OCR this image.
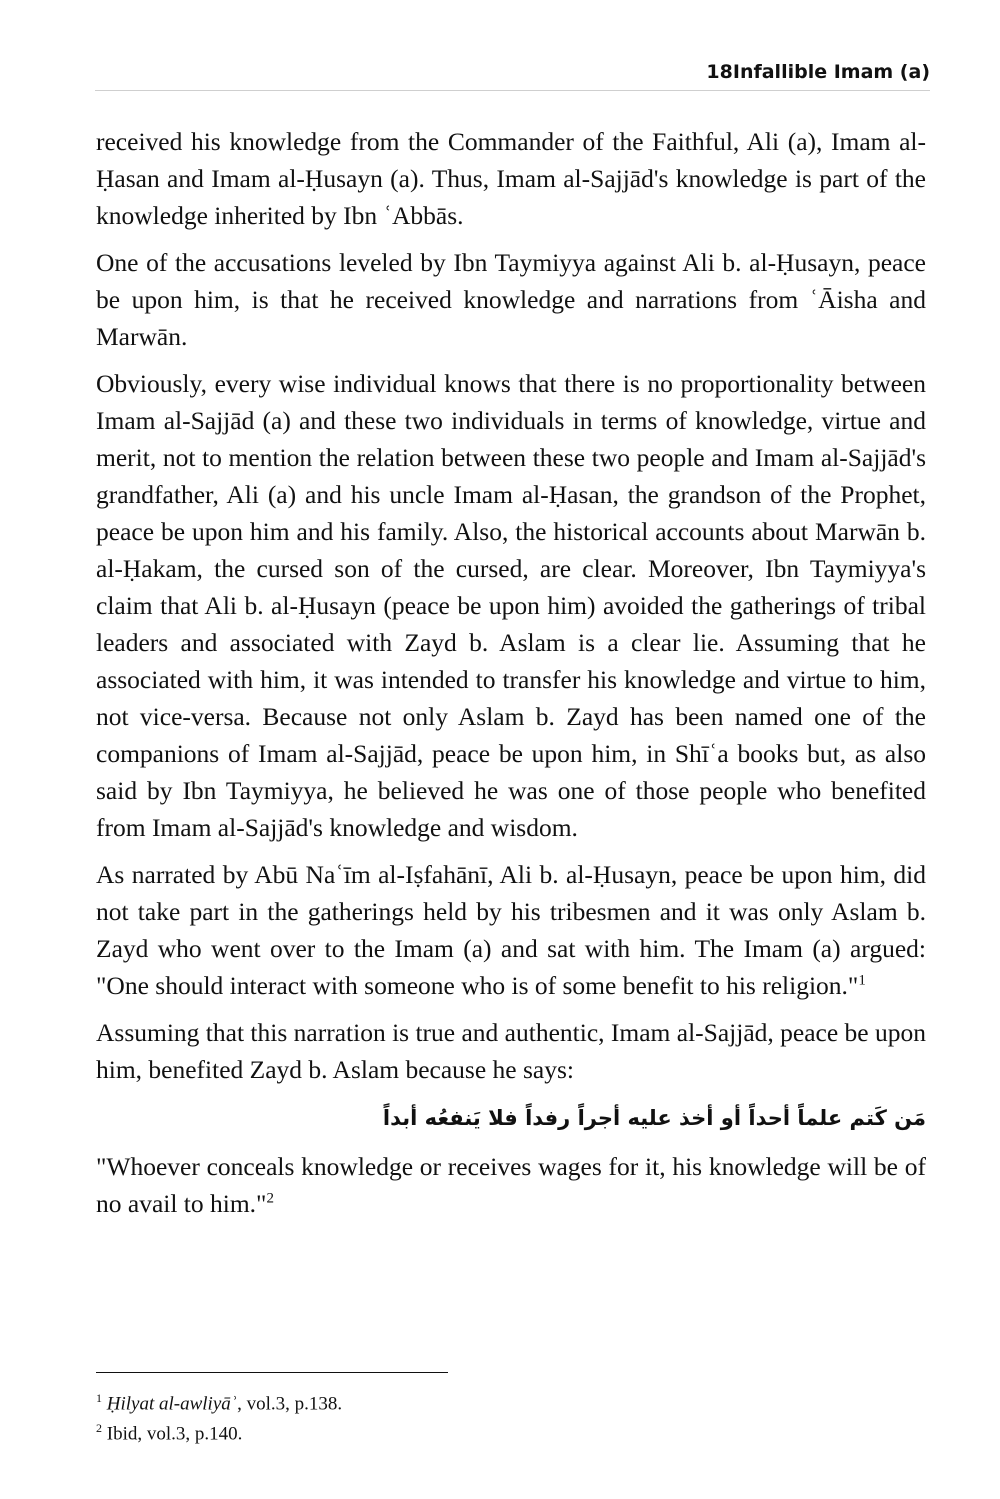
18Infallible Imam (a)

received his knowledge from the Commander of the Faithful, Ali (a), Imam al-Ḥasan and Imam al-Ḥusayn (a). Thus, Imam al-Sajjād's knowledge is part of the knowledge inherited by Ibn ʿAbbās.

One of the accusations leveled by Ibn Taymiyya against Ali b. al-Ḥusayn, peace be upon him, is that he received knowledge and narrations from ʿĀisha and Marwān.

Obviously, every wise individual knows that there is no proportionality between Imam al-Sajjād (a) and these two individuals in terms of knowledge, virtue and merit, not to mention the relation between these two people and Imam al-Sajjād's grandfather, Ali (a) and his uncle Imam al-Ḥasan, the grandson of the Prophet, peace be upon him and his family. Also, the historical accounts about Marwān b. al-Ḥakam, the cursed son of the cursed, are clear. Moreover, Ibn Taymiyya's claim that Ali b. al-Ḥusayn (peace be upon him) avoided the gatherings of tribal leaders and associated with Zayd b. Aslam is a clear lie. Assuming that he associated with him, it was intended to transfer his knowledge and virtue to him, not vice-versa. Because not only Aslam b. Zayd has been named one of the companions of Imam al-Sajjād, peace be upon him, in Shīʿa books but, as also said by Ibn Taymiyya, he believed he was one of those people who benefited from Imam al-Sajjād's knowledge and wisdom.

As narrated by Abū Naʿīm al-Iṣfahānī, Ali b. al-Ḥusayn, peace be upon him, did not take part in the gatherings held by his tribesmen and it was only Aslam b. Zayd who went over to the Imam (a) and sat with him. The Imam (a) argued: "One should interact with someone who is of some benefit to his religion."$^1$

Assuming that this narration is true and authentic, Imam al-Sajjād, peace be upon him, benefited Zayd b. Aslam because he says:

مَن كَتم علماً أحداً أو أخذ عليه أجراً رفداً فلا يَنفعُه أبداً

"Whoever conceals knowledge or receives wages for it, his knowledge will be of no avail to him."$^2$

$^1$ Ḥilyat al-awliyāʾ, vol.3, p.138.
$^2$ Ibid, vol.3, p.140.
